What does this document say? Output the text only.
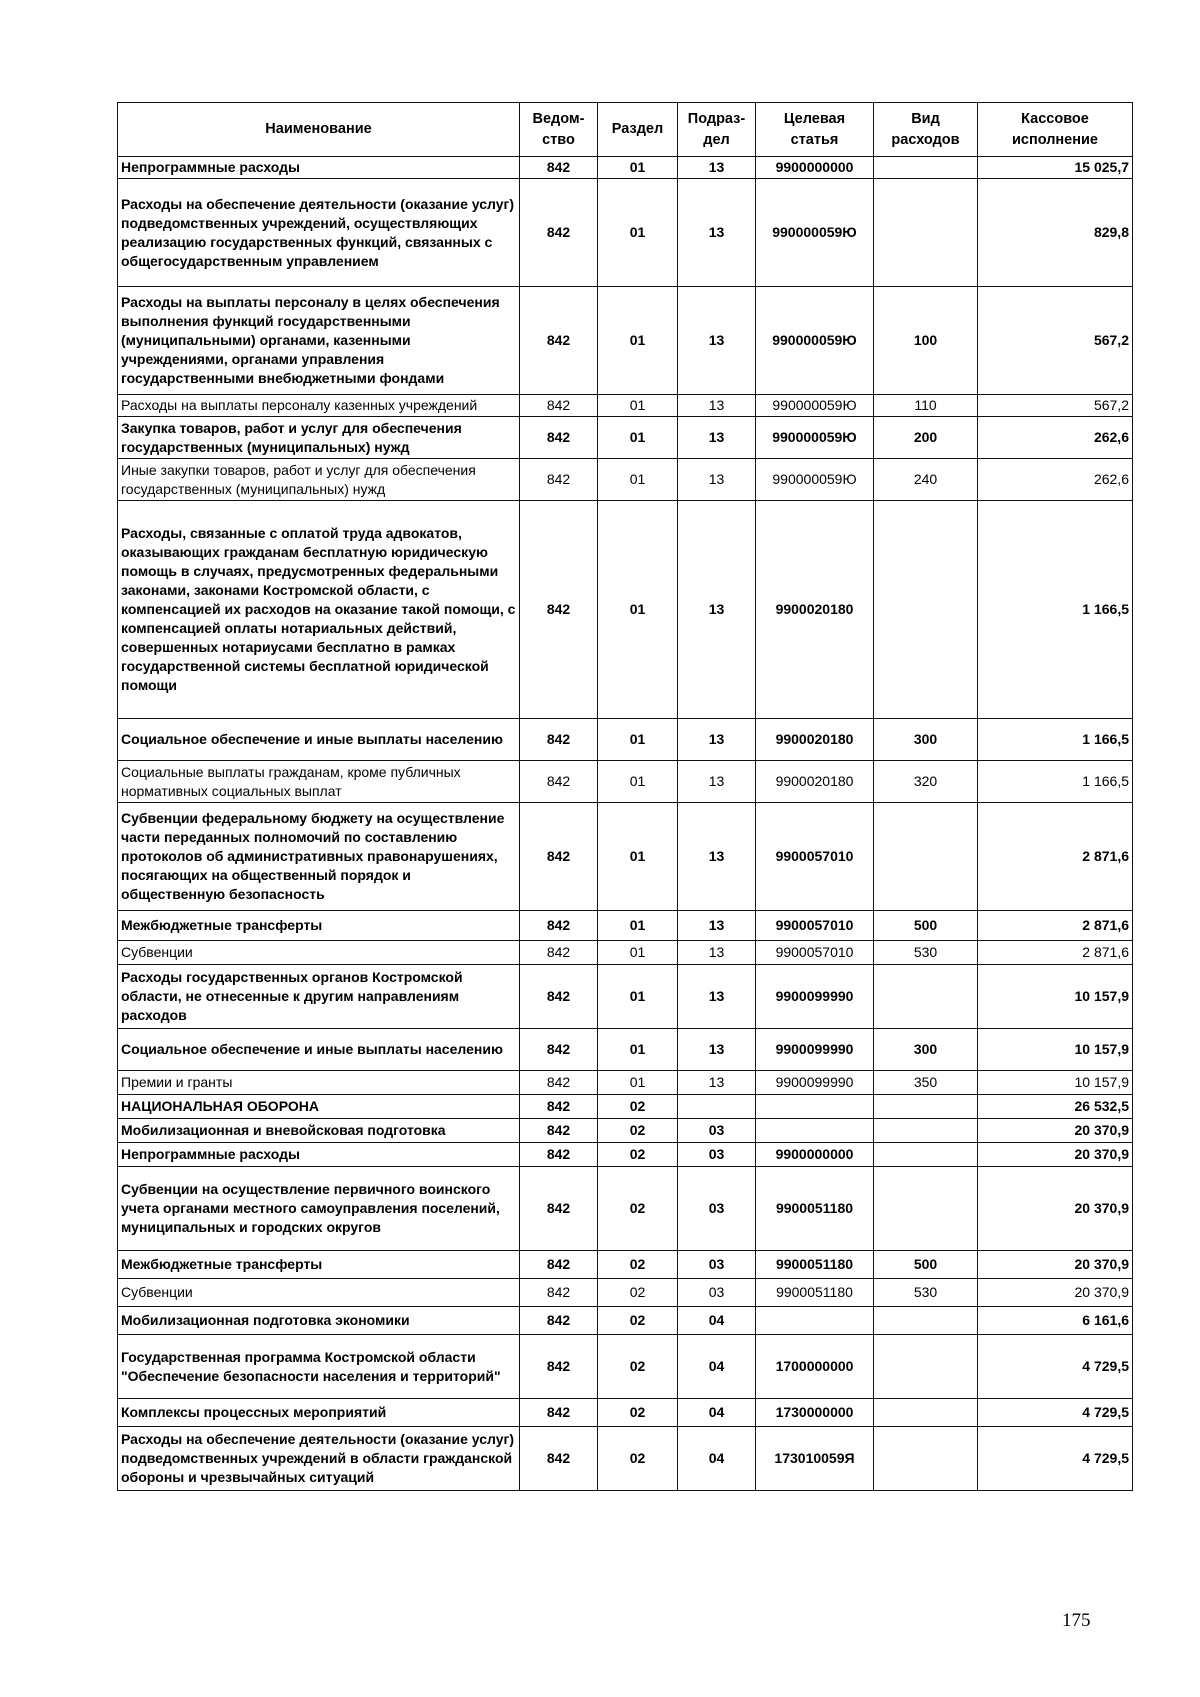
Наименование	Ведом-ство	Раздел	Подраз-дел	Целевая статья	Вид расходов	Кассовое исполнение
Непрограммные расходы	842	01	13	9900000000		15 025,7
Расходы на обеспечение деятельности (оказание услуг) подведомственных учреждений, осуществляющих реализацию государственных функций, связанных с общегосударственным управлением	842	01	13	990000059Ю		829,8
Расходы на выплаты персоналу в целях обеспечения выполнения функций государственными (муниципальными) органами, казенными учреждениями, органами управления государственными внебюджетными фондами	842	01	13	990000059Ю	100	567,2
Расходы на выплаты персоналу казенных учреждений	842	01	13	990000059Ю	110	567,2
Закупка товаров, работ и услуг для обеспечения государственных (муниципальных) нужд	842	01	13	990000059Ю	200	262,6
Иные закупки товаров, работ и услуг для обеспечения государственных (муниципальных) нужд	842	01	13	990000059Ю	240	262,6
Расходы, связанные с оплатой труда адвокатов, оказывающих гражданам бесплатную юридическую помощь в случаях, предусмотренных федеральными законами, законами Костромской области, с компенсацией их расходов на оказание такой помощи, с компенсацией оплаты нотариальных действий, совершенных нотариусами бесплатно в рамках государственной системы бесплатной юридической помощи	842	01	13	9900020180		1 166,5
Социальное обеспечение и иные выплаты населению	842	01	13	9900020180	300	1 166,5
Социальные выплаты гражданам, кроме публичных нормативных социальных выплат	842	01	13	9900020180	320	1 166,5
Субвенции федеральному бюджету на осуществление части переданных полномочий по составлению протоколов об административных правонарушениях, посягающих на общественный порядок и общественную безопасность	842	01	13	9900057010		2 871,6
Межбюджетные трансферты	842	01	13	9900057010	500	2 871,6
Субвенции	842	01	13	9900057010	530	2 871,6
Расходы государственных органов Костромской области, не отнесенные к другим направлениям расходов	842	01	13	9900099990		10 157,9
Социальное обеспечение и иные выплаты населению	842	01	13	9900099990	300	10 157,9
Премии и гранты	842	01	13	9900099990	350	10 157,9
НАЦИОНАЛЬНАЯ ОБОРОНА	842	02				26 532,5
Мобилизационная и вневойсковая подготовка	842	02	03			20 370,9
Непрограммные расходы	842	02	03	9900000000		20 370,9
Субвенции на осуществление первичного воинского учета органами местного самоуправления поселений, муниципальных и городских округов	842	02	03	9900051180		20 370,9
Межбюджетные трансферты	842	02	03	9900051180	500	20 370,9
Субвенции	842	02	03	9900051180	530	20 370,9
Мобилизационная подготовка экономики	842	02	04			6 161,6
Государственная программа Костромской области "Обеспечение безопасности населения и территорий"	842	02	04	1700000000		4 729,5
Комплексы процессных мероприятий	842	02	04	1730000000		4 729,5
Расходы на обеспечение деятельности (оказание услуг) подведомственных учреждений в области гражданской обороны и чрезвычайных ситуаций	842	02	04	173010059Я		4 729,5
175
